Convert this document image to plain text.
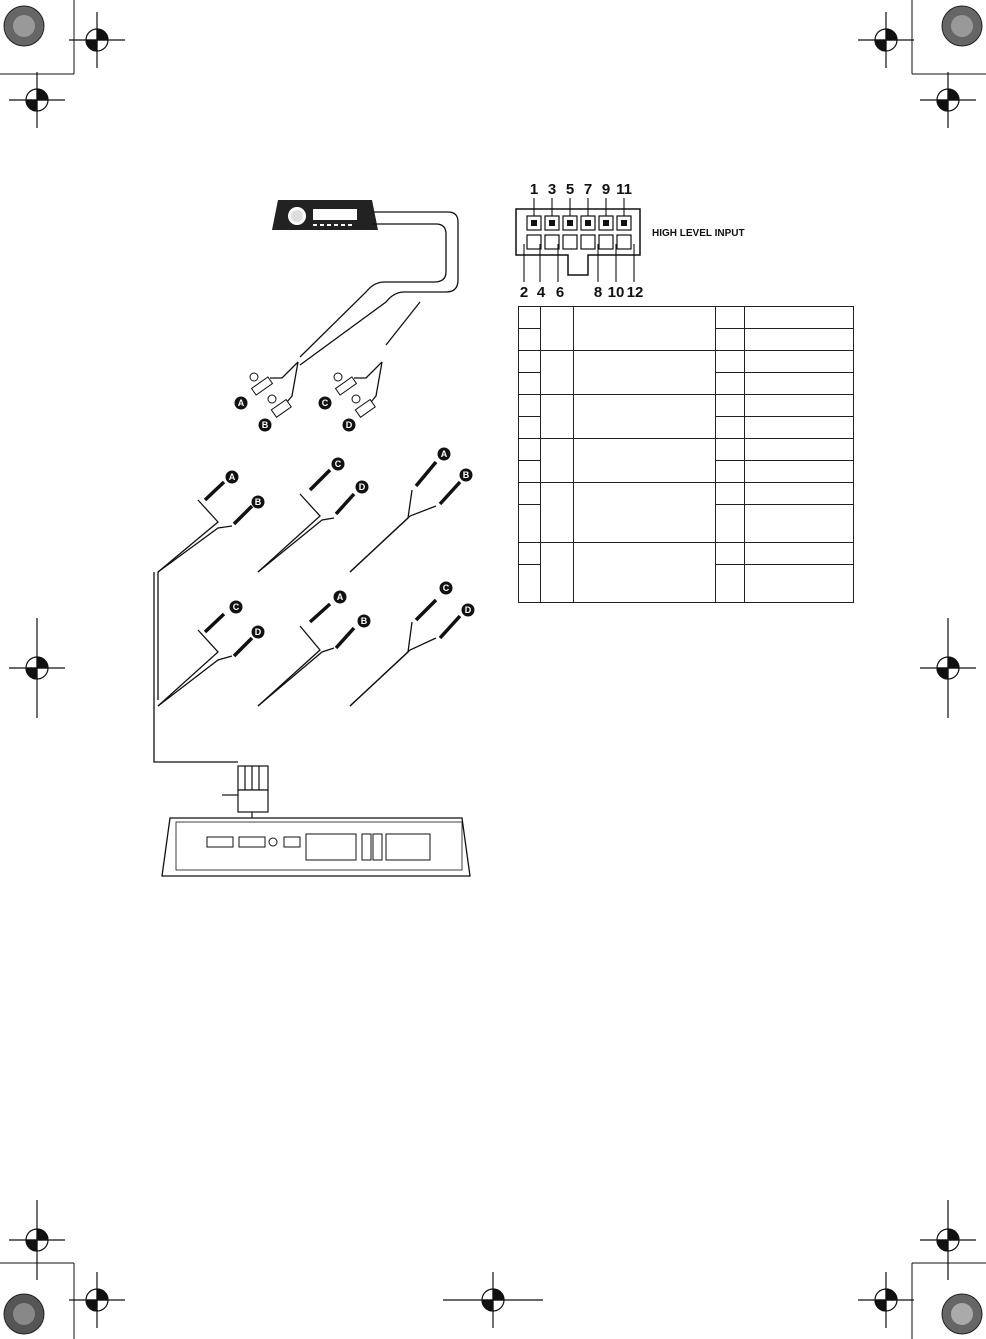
A
B
C
D
A
B
C
D
A
B
C
D
A
B
C
D
1 3 5 7 9 11
2 4 6 8 10 12
HIGH LEVEL INPUT
